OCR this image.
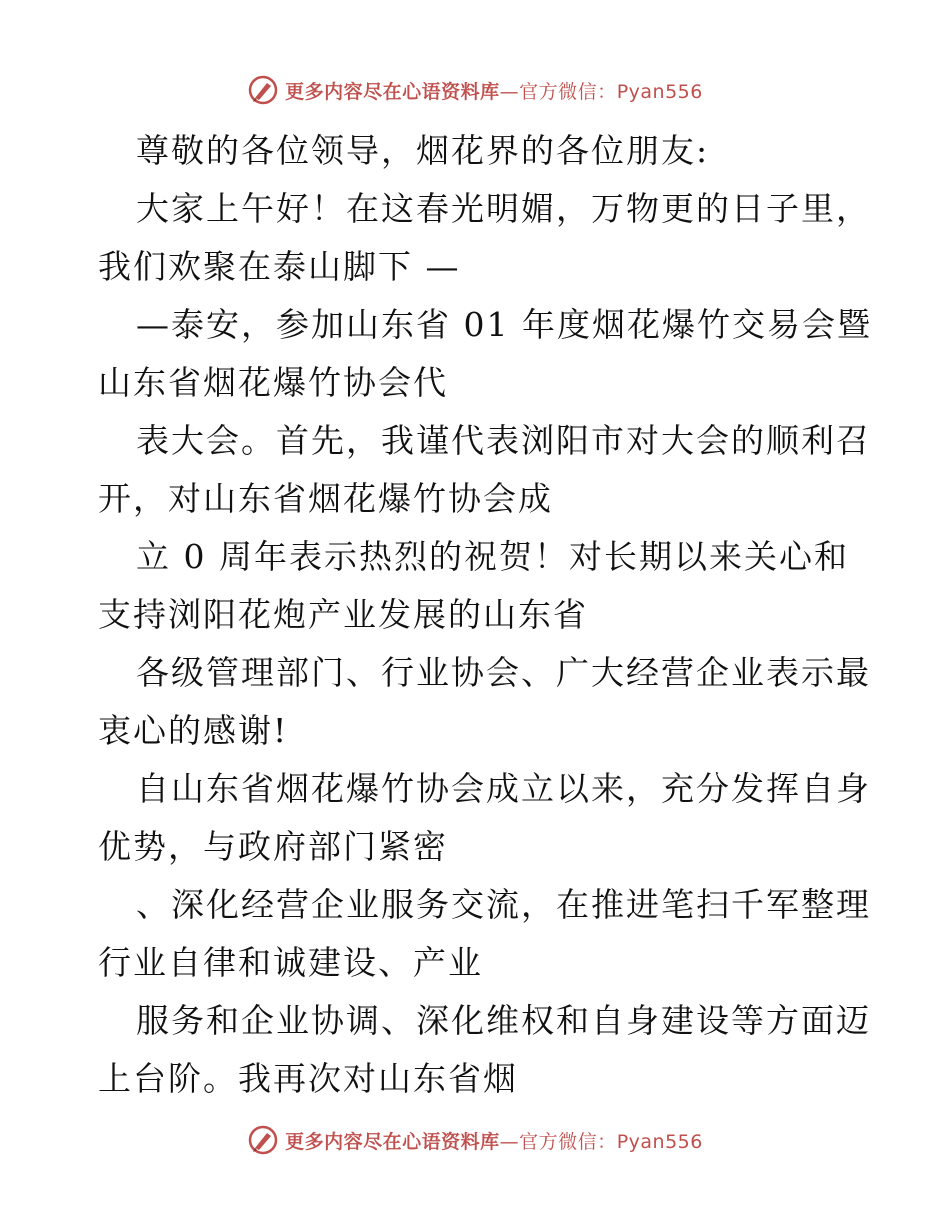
更多内容尽在心语资料库—官方微信：Pyan556

尊敬的各位领导，烟花界的各位朋友:

大家上午好！在这春光明媚，万物更的日子里，
我们欢聚在泰山脚下 —

—泰安，参加山东省 01 年度烟花爆竹交易会暨
山东省烟花爆竹协会代

表大会。首先，我谨代表浏阳市对大会的顺利召
开，对山东省烟花爆竹协会成

立 0 周年表示热烈的祝贺！对长期以来关心和
支持浏阳花炮产业发展的山东省

各级管理部门、行业协会、广大经营企业表示最
衷心的感谢!

自山东省烟花爆竹协会成立以来，充分发挥自身
优势，与政府部门紧密

、深化经营企业服务交流，在推进笔扫千军整理
行业自律和诚建设、产业

服务和企业协调、深化维权和自身建设等方面迈
上台阶。我再次对山东省烟

更多内容尽在心语资料库—官方微信：Pyan556
